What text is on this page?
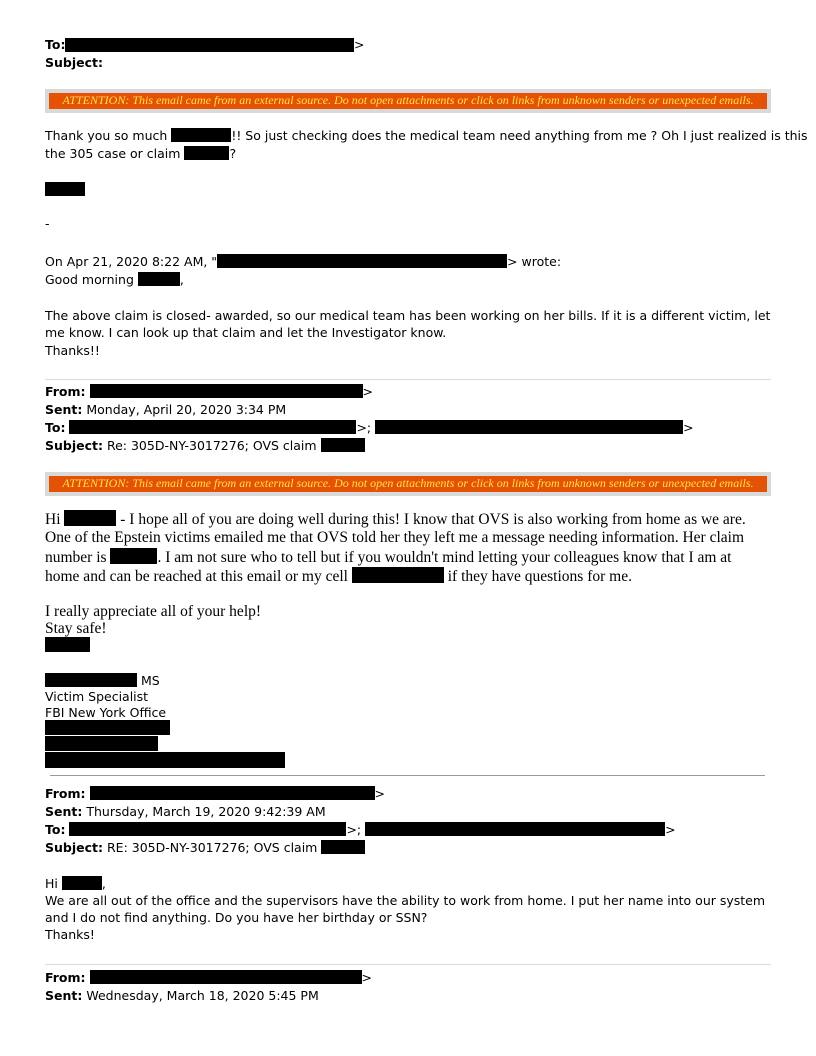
To:	>
Subject:
ATTENTION: This email came from an external source. Do not open attachments or click on links from unknown senders or unexpected emails.
Thank you so much	!! So just checking does the medical team need anything from me ? Oh I just realized is this
the 305 case or claim	?
-
On Apr 21, 2020 8:22 AM, "	> wrote:
Good morning	,
The above claim is closed- awarded, so our medical team has been working on her bills. If it is a different victim, let me know. I can look up that claim and let the Investigator know.
Thanks!!
From:	>
Sent: Monday, April 20, 2020 3:34 PM
To:	>;	>
Subject: Re: 305D-NY-3017276; OVS claim
ATTENTION: This email came from an external source. Do not open attachments or click on links from unknown senders or unexpected emails.
Hi	- I hope all of you are doing well during this! I know that OVS is also working from home as we are.
One of the Epstein victims emailed me that OVS told her they left me a message needing information. Her claim
number is	. I am not sure who to tell but if you wouldn't mind letting your colleagues know that I am at
home and can be reached at this email or my cell	if they have questions for me.
I really appreciate all of your help!
Stay safe!
MS
Victim Specialist
FBI New York Office
From:	>
Sent: Thursday, March 19, 2020 9:42:39 AM
To:	>;	>
Subject: RE: 305D-NY-3017276; OVS claim
Hi	,
We are all out of the office and the supervisors have the ability to work from home. I put her name into our system and I do not find anything. Do you have her birthday or SSN?
Thanks!
From:	>
Sent: Wednesday, March 18, 2020 5:45 PM
